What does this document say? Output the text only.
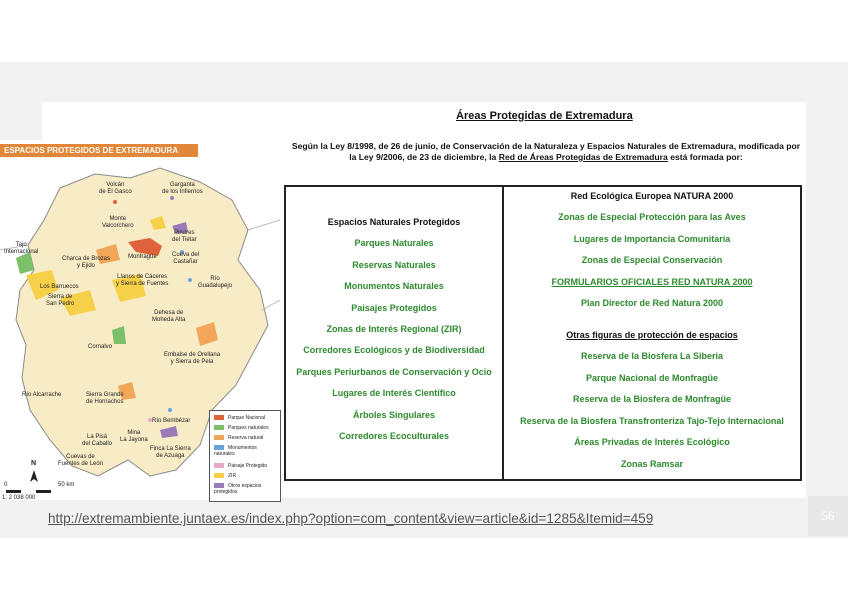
Áreas Protegidas de Extremadura
Según la Ley 8/1998, de 26 de junio, de Conservación de la Naturaleza y Espacios Naturales de Extremadura, modificada por la Ley 9/2006, de 23 de diciembre, la Red de Áreas Protegidas de Extremadura está formada por:
Espacios Naturales Protegidos
Parques Naturales
Reservas Naturales
Monumentos Naturales
Paisajes Protegidos
Zonas de Interés Regional (ZIR)
Corredores Ecológicos y de Biodiversidad
Parques Periurbanos de Conservación y Ocio
Lugares de Interés Científico
Árboles Singulares
Corredores Ecoculturales
Red Ecológica Europea NATURA 2000
Zonas de Especial Protección para las Aves
Lugares de Importancia Comunitaria
Zonas de Especial Conservación
FORMULARIOS OFICIALES RED NATURA 2000
Plan Director de Red Natura 2000
Otras figuras de protección de espacios
Reserva de la Biosfera La Siberia
Parque Nacional de Monfragüe
Reserva de la Biosfera de Monfragüe
Reserva de la Biosfera Transfronteriza Tajo-Tejo Internacional
Áreas Privadas de Interés Ecológico
Zonas Ramsar
Volcán
de El Gasco
Garganta
de los Infiernos
Monte
Valcorchero
Pinares
del Tiétar
Tajo
Internacional
Charca de Brozas
y Ejido
Monfragüe	Cueva del
Castañar
Llanos de Cáceres
y Sierra de Fuentes
Río
Guadalupejo
Los Barruecos
Sierra de
San Pedro
Dehesa de
Moheda Alta
Cornalvo
Embalse de Orellana
y Sierra de Pela
Río Alcarrache	Sierra Grande
de Hornachos
Río Bembézar
Mina
La Jayona
La Pisá
del Caballo
Finca La Sierra
de Azuaga
Cuevas de
Fuentes de León
N
0	50 km
1: 2 038 000
ESPACIOS PROTEGIDOS DE EXTREMADURA
Parque Nacional
Parques naturales
Reserva natural
Monumentos
naturales
Paisaje Protegido
ZIR
Otros espacios
protegidos
http://extremambiente.juntaex.es/index.php?option=com_content&view=article&id=1285&Itemid=459	56
